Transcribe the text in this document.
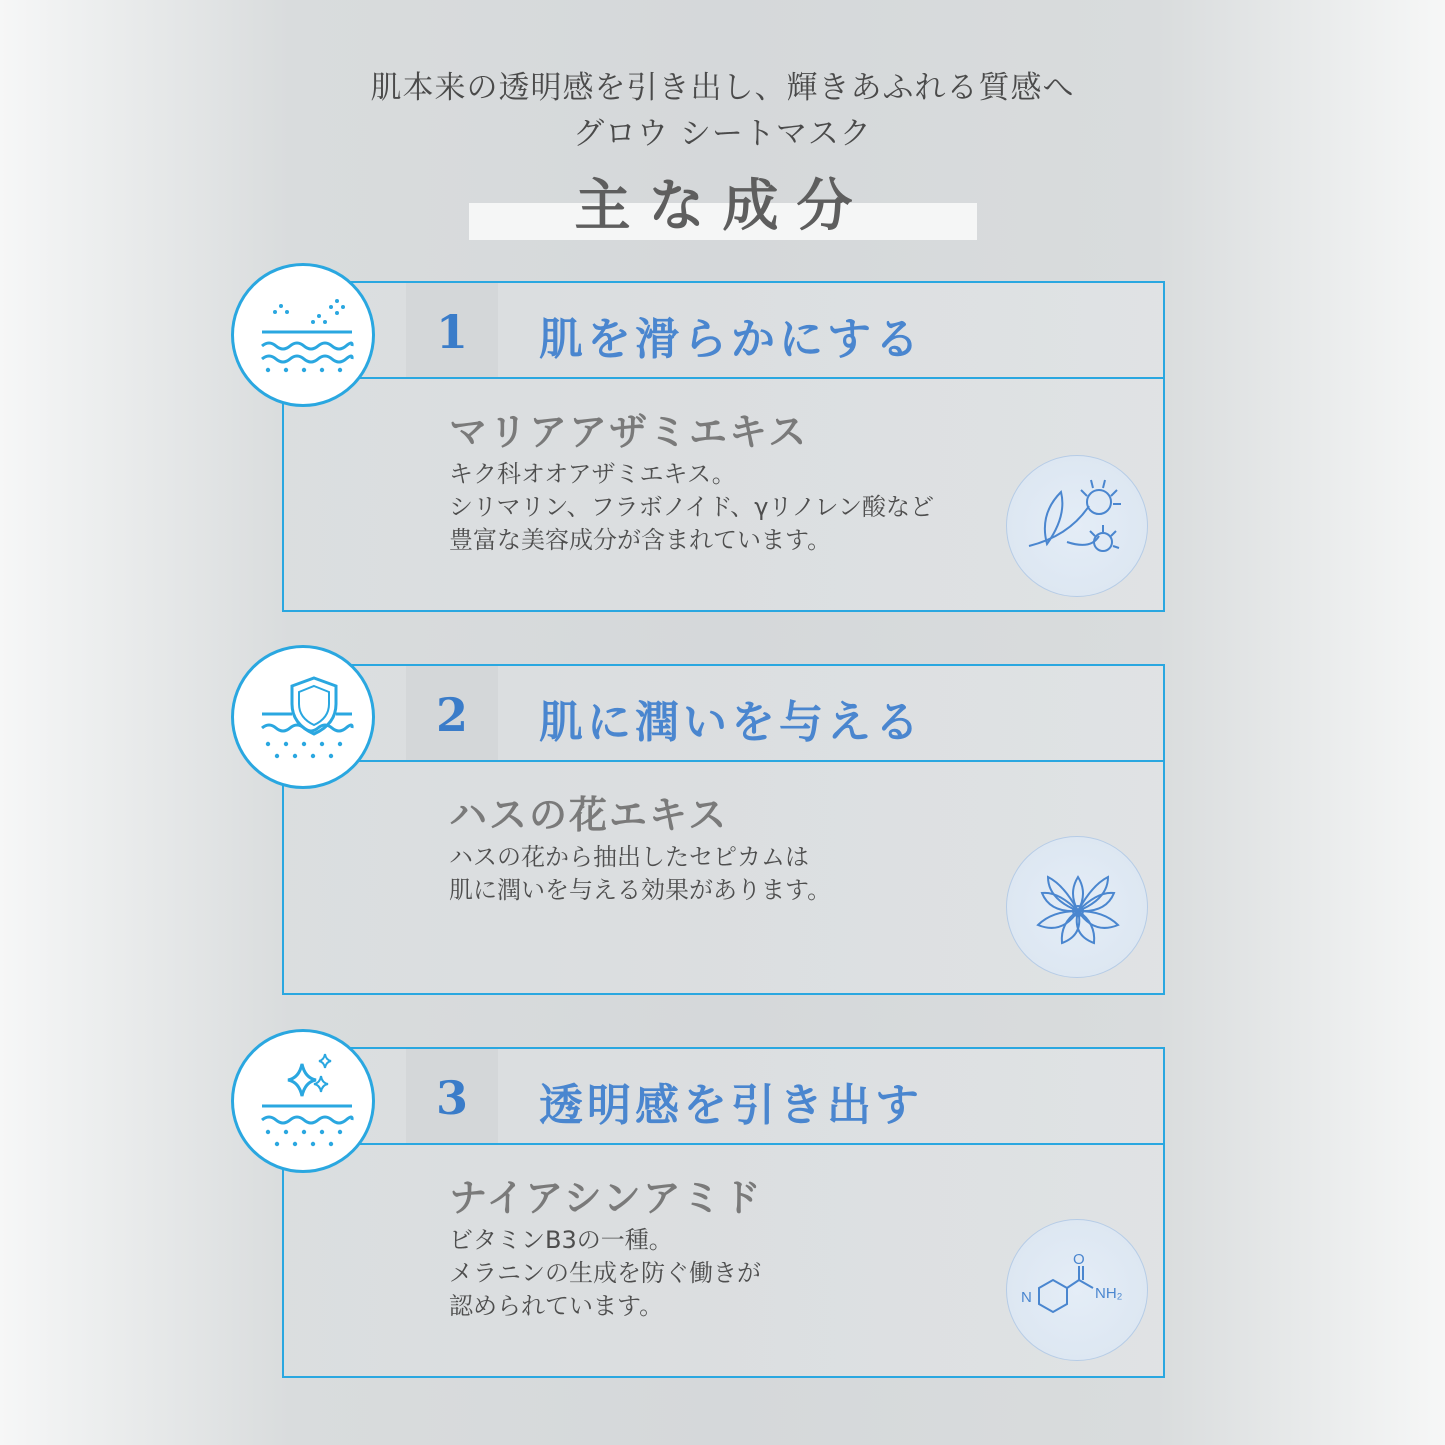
肌本来の透明感を引き出し、輝きあふれる質感へ
グロウ シートマスク
主な成分
1	肌を滑らかにする
マリアアザミエキス
キク科オオアザミエキス。
シリマリン、フラボノイド、γリノレン酸など
豊富な美容成分が含まれています。
2	肌に潤いを与える
ハスの花エキス
ハスの花から抽出したセピカムは
肌に潤いを与える効果があります。
3	透明感を引き出す
ナイアシンアミド
ビタミンB3の一種。
メラニンの生成を防ぐ働きが
認められています。	N
O
NH₂
